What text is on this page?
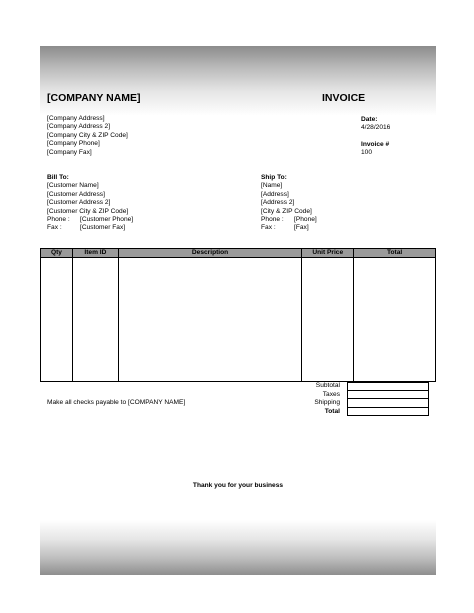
[COMPANY NAME]	INVOICE
[Company Address]
[Company Address 2]
[Company City & ZIP Code]
[Company Phone]
[Company Fax]
Date:
4/28/2016
Invoice #
100
Bill To:
[Customer Name]
[Customer Address]
[Customer Address 2]
[Customer City & ZIP Code]
Phone :	[Customer Phone]
Fax :	[Customer Fax]
Ship To:
[Name]
[Address]
[Address 2]
[City & ZIP Code]
Phone :	[Phone]
Fax :	[Fax]
Qty	Item ID	Description	Unit Price	Total

Subtotal
Taxes
Shipping
Total
Make all checks payable to [COMPANY NAME]
Thank you for your business
